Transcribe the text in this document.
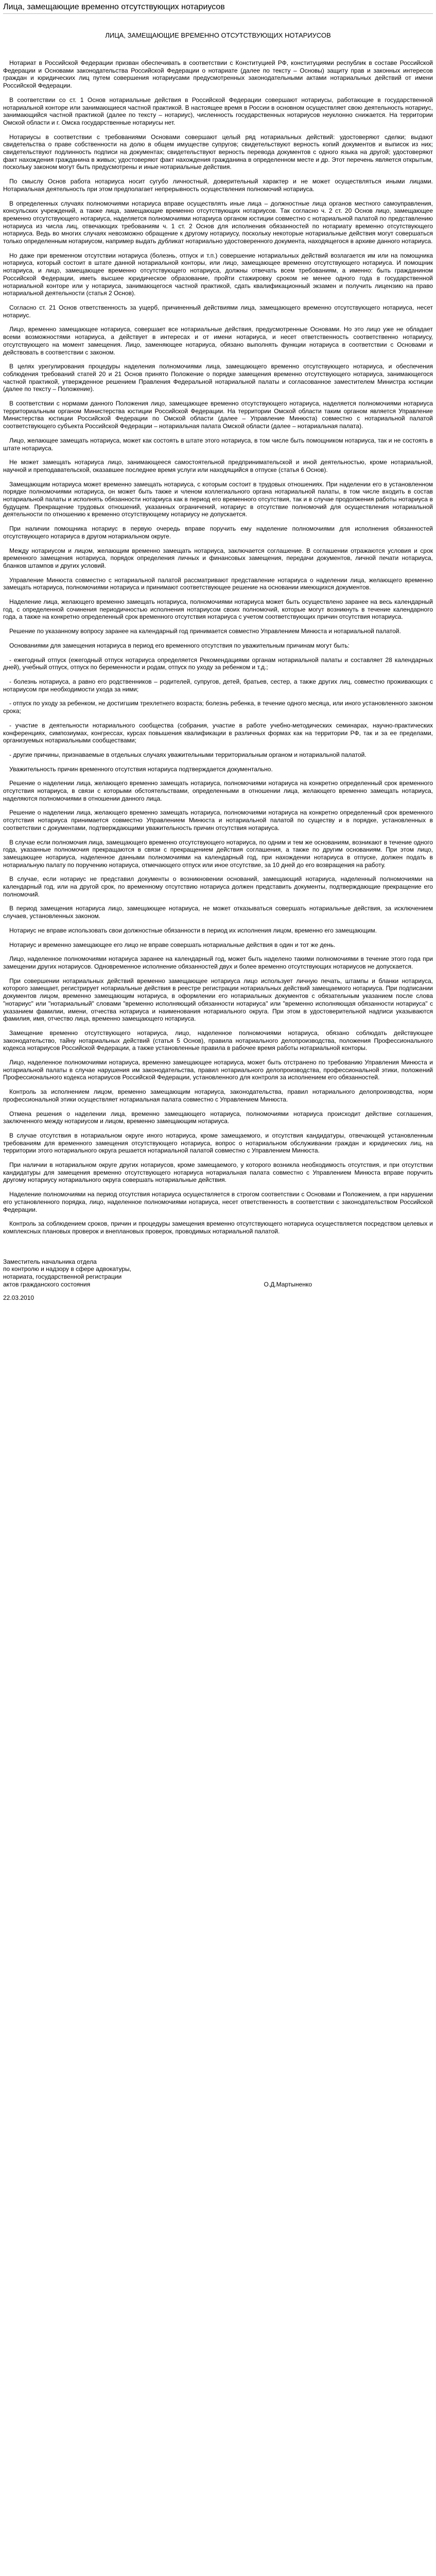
Лица, замещающие временно отсутствующих нотариусов
ЛИЦА, ЗАМЕЩАЮЩИЕ ВРЕМЕННО ОТСУТСТВУЮЩИХ НОТАРИУСОВ

Нотариат в Российской Федерации призван обеспечивать в соответствии с Конституцией РФ, конституциями республик в составе Российской Федерации и Основами законодательства Российской Федерации о нотариате (далее по тексту – Основы) защиту прав и законных интересов граждан и юридических лиц путем совершения нотариусами предусмотренных законодательными актами нотариальных действий от имени Российской Федерации.

В соответствии со ст. 1 Основ нотариальные действия в Российской Федерации совершают нотариусы, работающие в государственной нотариальной конторе или занимающиеся частной практикой. В настоящее время в России в основном осуществляет свою деятельность нотариус, занимающийся частной практикой (далее по тексту – нотариус), численность государственных нотариусов неуклонно снижается. На территории Омской области и г. Омска государственные нотариусы нет.

Нотариусы в соответствии с требованиями Основами совершают целый ряд нотариальных действий: удостоверяют сделки; выдают свидетельства о праве собственности на долю в общем имуществе супругов; свидетельствуют верность копий документов и выписок из них; свидетельствуют подлинность подписи на документах; свидетельствуют верность перевода документов с одного языка на другой; удостоверяют факт нахождения гражданина в живых; удостоверяют факт нахождения гражданина в определенном месте и др. Этот перечень является открытым, поскольку законом могут быть предусмотрены и иные нотариальные действия.

По смыслу Основ работа нотариуса носит сугубо личностный, доверительный характер и не может осуществляться иными лицами. Нотариальная деятельность при этом предполагает непрерывность осуществления полномочий нотариуса.

В определенных случаях полномочиями нотариуса вправе осуществлять иные лица – должностные лица органов местного самоуправления, консульских учреждений, а также лица, замещающие временно отсутствующих нотариусов. Так согласно ч. 2 ст. 20 Основ лицо, замещающее временно отсутствующего нотариуса, наделяется полномочиями нотариуса органом юстиции совместно с нотариальной палатой по представлению нотариуса из числа лиц, отвечающих требованиям ч. 1 ст. 2 Основ для исполнения обязанностей по нотариату временно отсутствующего нотариуса. Ведь во многих случаях невозможно обращение к другому нотариусу, поскольку некоторые нотариальные действия могут совершаться только определенным нотариусом, например выдать дубликат нотариально удостоверенного документа, находящегося в архиве данного нотариуса.

Но даже при временном отсутствии нотариуса (болезнь, отпуск и т.п.) совершение нотариальных действий возлагается им или на помощника нотариуса, который состоит в штате данной нотариальной конторы, или лицо, замещающее временно отсутствующего нотариуса. И помощник нотариуса, и лицо, замещающее временно отсутствующего нотариуса, должны отвечать всем требованиям, а именно: быть гражданином Российской Федерации, иметь высшее юридическое образование, пройти стажировку сроком не менее одного года в государственной нотариальной конторе или у нотариуса, занимающегося частной практикой, сдать квалификационный экзамен и получить лицензию на право нотариальной деятельности (статья 2 Основ).

Согласно ст. 21 Основ ответственность за ущерб, причиненный действиями лица, замещающего временно отсутствующего нотариуса, несет нотариус.

Лицо, временно замещающее нотариуса, совершает все нотариальные действия, предусмотренные Основами. Но это лицо уже не обладает всеми возможностями нотариуса, а действует в интересах и от имени нотариуса, и несет ответственность соответственно нотариусу, отсутствующего на момент замещения. Лицо, заменяющее нотариуса, обязано выполнять функции нотариуса в соответствии с Основами и действовать в соответствии с законом.

В целях урегулирования процедуры наделения полномочиями лица, замещающего временно отсутствующего нотариуса, и обеспечения соблюдения требований статей 20 и 21 Основ принято Положение о порядке замещения временно отсутствующего нотариуса, занимающегося частной практикой, утвержденное решением Правления Федеральной нотариальной палаты и согласованное заместителем Министра юстиции (далее по тексту – Положение).

В соответствии с нормами данного Положения лицо, замещающее временно отсутствующего нотариуса, наделяется полномочиями нотариуса территориальным органом Министерства юстиции Российской Федерации. На территории Омской области таким органом является Управление Министерства юстиции Российской Федерации по Омской области (далее – Управление Минюста) совместно с нотариальной палатой соответствующего субъекта Российской Федерации – нотариальная палата Омской области (далее – нотариальная палата).

Лицо, желающее замещать нотариуса, может как состоять в штате этого нотариуса, в том числе быть помощником нотариуса, так и не состоять в штате нотариуса.

Не может замещать нотариуса лицо, занимающееся самостоятельной предпринимательской и иной деятельностью, кроме нотариальной, научной и преподавательской, оказавшее последнее время услуги или находящийся в отпуске (статья 6 Основ).

Замещающим нотариуса может временно замещать нотариуса, с которым состоит в трудовых отношениях. При наделении его в установленном порядке полномочиями нотариуса, он может быть также и членом коллегиального органа нотариальной палаты, в том числе входить в состав нотариальной палаты и исполнять обязанности нотариуса как в период его временного отсутствия, так и в случае продолжения работы нотариуса в будущем. Прекращение трудовых отношений, указанных ограничений, нотариус в отсутствие полномочий для осуществления нотариальной деятельности по отношению к временно отсутствующему нотариусу не допускается.

При наличии помощника нотариус в первую очередь вправе поручить ему наделение полномочиями для исполнения обязанностей отсутствующего нотариуса в другом нотариальном округе.

Между нотариусом и лицом, желающим временно замещать нотариуса, заключается соглашение. В соглашении отражаются условия и срок временного замещения нотариуса, порядок определения личных и финансовых замещения, передачи документов, личной печати нотариуса, бланков штампов и других условий.

Управление Минюста совместно с нотариальной палатой рассматривают представление нотариуса о наделении лица, желающего временно замещать нотариуса, полномочиями нотариуса и принимают соответствующее решение на основании имеющихся документов.

Наделение лица, желающего временно замещать нотариуса, полномочиями нотариуса может быть осуществлено заранее на весь календарный год, с определенной сочинения периодичностью исполнения нотариусом своих полномочий, которые могут возникнуть в течение календарного года, а также на конкретно определенный срок временного отсутствия нотариуса с учетом соответствующих причин отсутствия нотариуса.

Решение по указанному вопросу заранее на календарный год принимается совместно Управлением Минюста и нотариальной палатой.

Основаниями для замещения нотариуса в период его временного отсутствия по уважительным причинам могут быть:

- ежегодный отпуск (ежегодный отпуск нотариуса определяется Рекомендациями органам нотариальной палаты и составляет 28 календарных дней), учебный отпуск, отпуск по беременности и родам, отпуск по уходу за ребенком и т.д.;

- болезнь нотариуса, а равно его родственников – родителей, супругов, детей, братьев, сестер, а также других лиц, совместно проживающих с нотариусом при необходимости ухода за ними;

- отпуск по уходу за ребенком, не достигшим трехлетнего возраста; болезнь ребенка, в течение одного месяца, или иного установленного законом срока;

- участие в деятельности нотариального сообщества (собрания, участие в работе учебно-методических семинарах, научно-практических конференциях, симпозиумах, конгрессах, курсах повышения квалификации в различных формах как на территории РФ, так и за ее пределами, организуемых нотариальными сообществами;

- другие причины, признаваемые в отдельных случаях уважительными территориальным органом и нотариальной палатой.

Уважительность причин временного отсутствия нотариуса подтверждается документально.

Решение о наделении лица, желающего временно замещать нотариуса, полномочиями нотариуса на конкретно определенный срок временного отсутствия нотариуса, в связи с которыми обстоятельствами, определенными в отношении лица, желающего временно замещать нотариуса, наделяются полномочиями в отношении данного лица.

Решение о наделении лица, желающего временно замещать нотариуса, полномочиями нотариуса на конкретно определенный срок временного отсутствия нотариуса принимается совместно Управлением Минюста и нотариальной палатой по существу и в порядке, установленных в соответствии с документами, подтверждающими уважительность причин отсутствия нотариуса.

В случае если полномочия лица, замещающего временно отсутствующего нотариуса, по одним и тем же основаниям, возникают в течение одного года, указанные полномочия прекращаются в связи с прекращением действия соглашения, а также по другим основаниям. При этом лицо, замещающее нотариуса, наделенное данными полномочиями на календарный год, при нахождении нотариуса в отпуске, должен подать в нотариальную палату по поручению нотариуса, отмечающего отпуск или иное отсутствие, за 10 дней до его возвращения на работу.

В случае, если нотариус не представил документы о возникновении оснований, замещающий нотариуса, наделенный полномочиями на календарный год, или на другой срок, по временному отсутствию нотариуса должен представить документы, подтверждающие прекращение его полномочий.

В период замещения нотариуса лицо, замещающее нотариуса, не может отказываться совершать нотариальные действия, за исключением случаев, установленных законом.

Нотариус не вправе использовать свои должностные обязанности в период их исполнения лицом, временно его замещающим.

Нотариус и временно замещающее его лицо не вправе совершать нотариальные действия в один и тот же день.

Лицо, наделенное полномочиями нотариуса заранее на календарный год, может быть наделено такими полномочиями в течение этого года при замещении других нотариусов. Одновременное исполнение обязанностей двух и более временно отсутствующих нотариусов не допускается.

При совершении нотариальных действий временно замещающее нотариуса лицо использует личную печать, штампы и бланки нотариуса, которого замещает, регистрирует нотариальные действия в реестре регистрации нотариальных действий замещаемого нотариуса. При подписании документов лицом, временно замещающим нотариуса, в оформлении его нотариальных документов с обязательным указанием после слова "нотариус" или "нотариальный" словами "временно исполняющий обязанности нотариуса" или "временно исполняющая обязанности нотариуса" с указанием фамилии, имени, отчества нотариуса и наименования нотариального округа. При этом в удостоверительной надписи указываются фамилия, имя, отчество лица, временно замещающего нотариуса.

Замещение временно отсутствующего нотариуса, лицо, наделенное полномочиями нотариуса, обязано соблюдать действующее законодательство, тайну нотариальных действий (статья 5 Основ), правила нотариального делопроизводства, положения Профессионального кодекса нотариусов Российской Федерации, а также установленные правила в рабочее время работы нотариальной конторы.

Лицо, наделенное полномочиями нотариуса, временно замещающее нотариуса, может быть отстранено по требованию Управления Минюста и нотариальной палаты в случае нарушения им законодательства, правил нотариального делопроизводства, профессиональной этики, положений Профессионального кодекса нотариусов Российской Федерации, установленного для контроля за исполнением его обязанностей.

Контроль за исполнением лицом, временно замещающим нотариуса, законодательства, правил нотариального делопроизводства, норм профессиональной этики осуществляет нотариальная палата совместно с Управлением Минюста.

Отмена решения о наделении лица, временно замещающего нотариуса, полномочиями нотариуса происходит действие соглашения, заключенного между нотариусом и лицом, временно замещающим нотариуса.

В случае отсутствия в нотариальном округе иного нотариуса, кроме замещаемого, и отсутствия кандидатуры, отвечающей установленным требованиям для временного замещения отсутствующего нотариуса, вопрос о нотариальном обслуживании граждан и юридических лиц, на территории этого нотариального округа решается нотариальной палатой совместно с Управлением Минюста.

При наличии в нотариальном округе других нотариусов, кроме замещаемого, у которого возникла необходимость отсутствия, и при отсутствии кандидатуры для замещения временно отсутствующего нотариуса нотариальная палата совместно с Управлением Минюста вправе поручить другому нотариусу нотариального округа совершать нотариальные действия.

Наделение полномочиями на период отсутствия нотариуса осуществляется в строгом соответствии с Основами и Положением, а при нарушении его установленного порядка, лицо, наделенное полномочиями нотариуса, несет ответственность в соответствии с законодательством Российской Федерации.

Контроль за соблюдением сроков, причин и процедуры замещения временно отсутствующего нотариуса осуществляется посредством целевых и комплексных плановых проверок и внеплановых проверок, проводимых нотариальной палатой.

Заместитель начальника отдела
по контролю и надзору в сфере адвокатуры,
нотариата, государственной регистрации
актов гражданского состояния	О.Д.Мартыненко
22.03.2010
